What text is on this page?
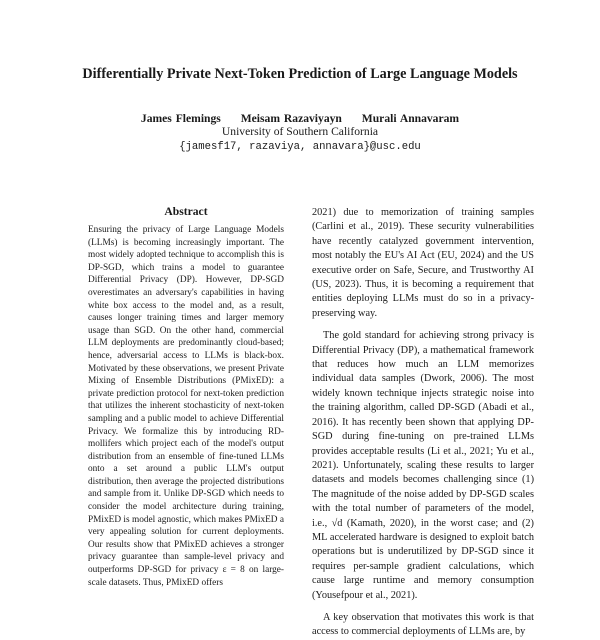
Differentially Private Next-Token Prediction of Large Language Models
James Flemings Meisam Razaviyayn Murali Annavaram
University of Southern California
{jamesf17, razaviya, annavara}@usc.edu
Abstract

Ensuring the privacy of Large Language Models (LLMs) is becoming increasingly important. The most widely adopted technique to accomplish this is DP-SGD, which trains a model to guarantee Differential Privacy (DP). However, DP-SGD overestimates an adversary's capabilities in having white box access to the model and, as a result, causes longer training times and larger memory usage than SGD. On the other hand, commercial LLM deployments are predominantly cloud-based; hence, adversarial access to LLMs is black-box. Motivated by these observations, we present Private Mixing of Ensemble Distributions (PMixED): a private prediction protocol for next-token prediction that utilizes the inherent stochasticity of next-token sampling and a public model to achieve Differential Privacy. We formalize this by introducing RD-mollifers which project each of the model's output distribution from an ensemble of fine-tuned LLMs onto a set around a public LLM's output distribution, then average the projected distributions and sample from it. Unlike DP-SGD which needs to consider the model architecture during training, PMixED is model agnostic, which makes PMixED a very appealing solution for current deployments. Our results show that PMixED achieves a stronger privacy guarantee than sample-level privacy and outperforms DP-SGD for privacy ε = 8 on large-scale datasets. Thus, PMixED offers

2021) due to memorization of training samples (Carlini et al., 2019). These security vulnerabilities have recently catalyzed government intervention, most notably the EU's AI Act (EU, 2024) and the US executive order on Safe, Secure, and Trustworthy AI (US, 2023). Thus, it is becoming a requirement that entities deploying LLMs must do so in a privacy-preserving way.

The gold standard for achieving strong privacy is Differential Privacy (DP), a mathematical framework that reduces how much an LLM memorizes individual data samples (Dwork, 2006). The most widely known technique injects strategic noise into the training algorithm, called DP-SGD (Abadi et al., 2016). It has recently been shown that applying DP-SGD during fine-tuning on pre-trained LLMs provides acceptable results (Li et al., 2021; Yu et al., 2021). Unfortunately, scaling these results to larger datasets and models becomes challenging since (1) The magnitude of the noise added by DP-SGD scales with the total number of parameters of the model, i.e., √d (Kamath, 2020), in the worst case; and (2) ML accelerated hardware is designed to exploit batch operations but is underutilized by DP-SGD since it requires per-sample gradient calculations, which cause large runtime and memory consumption (Yousefpour et al., 2021).

A key observation that motivates this work is that access to commercial deployments of LLMs are, by
